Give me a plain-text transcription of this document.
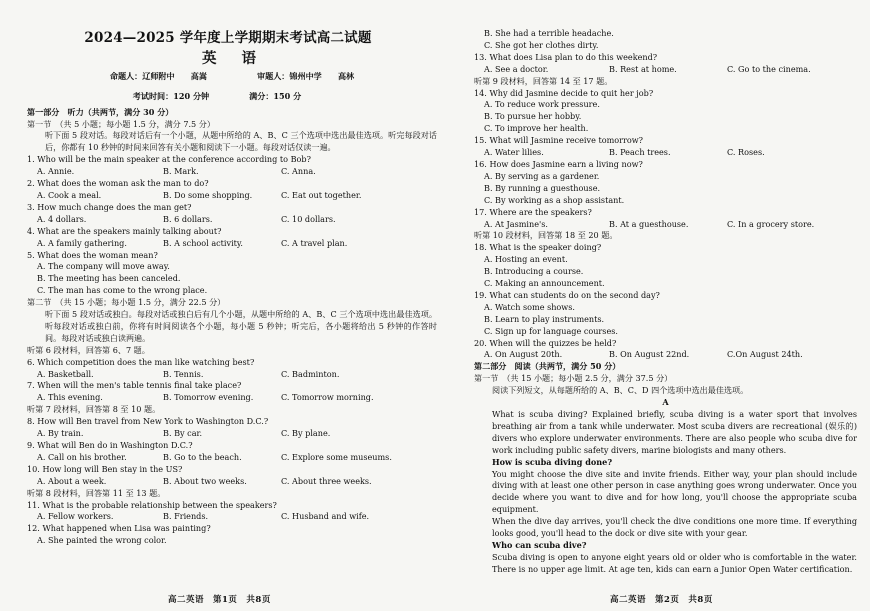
2024—2025 学年度上学期期末考试高二试题
英 语
命题人：辽师附中　　高嵩	审题人：锦州中学　　高林
考试时间：120 分钟	满分：150 分
第一部分　听力（共两节，满分 30 分）
第一节　（共 5 小题；每小题 1.5 分，满分 7.5 分）
听下面 5 段对话。每段对话后有一个小题，从题中所给的 A、B、C 三个选项中选出最佳选项。听完每段对话后，你都有 10 秒钟的时间来回答有关小题和阅读下一小题。每段对话仅读一遍。
1. Who will be the main speaker at the conference according to Bob?
A. Annie.	B. Mark.	C. Anna.
2. What does the woman ask the man to do?
A. Cook a meal.	B. Do some shopping.	C. Eat out together.
3. How much change does the man get?
A. 4 dollars.	B. 6 dollars.	C. 10 dollars.
4. What are the speakers mainly talking about?
A. A family gathering.	B. A school activity.	C. A travel plan.
5. What does the woman mean?
A. The company will move away.
B. The meeting has been canceled.
C. The man has come to the wrong place.
第二节　（共 15 小题；每小题 1.5 分，满分 22.5 分）
听下面 5 段对话或独白。每段对话或独白后有几个小题，从题中所给的 A、B、C 三个选项中选出最佳选项。听每段对话或独白前，你将有时间阅读各个小题，每小题 5 秒钟；听完后，各小题将给出 5 秒钟的作答时间。每段对话或独白读两遍。
听第 6 段材料，回答第 6、7 题。
6. Which competition does the man like watching best?
A. Basketball.	B. Tennis.	C. Badminton.
7. When will the men's table tennis final take place?
A. This evening.	B. Tomorrow evening.	C. Tomorrow morning.
听第 7 段材料，回答第 8 至 10 题。
8. How will Ben travel from New York to Washington D.C.?
A. By train.	B. By car.	C. By plane.
9. What will Ben do in Washington D.C.?
A. Call on his brother.	B. Go to the beach.	C. Explore some museums.
10. How long will Ben stay in the US?
A. About a week.	B. About two weeks.	C. About three weeks.
听第 8 段材料，回答第 11 至 13 题。
11. What is the probable relationship between the speakers?
A. Fellow workers.	B. Friends.	C. Husband and wife.
12. What happened when Lisa was painting?
A. She painted the wrong color.
高二英语　第1页　共8页
B. She had a terrible headache.
C. She got her clothes dirty.
13. What does Lisa plan to do this weekend?
A. See a doctor.	B. Rest at home.	C. Go to the cinema.
听第 9 段材料，回答第 14 至 17 题。
14. Why did Jasmine decide to quit her job?
A. To reduce work pressure.
B. To pursue her hobby.
C. To improve her health.
15. What will Jasmine receive tomorrow?
A. Water lilies.	B. Peach trees.	C. Roses.
16. How does Jasmine earn a living now?
A. By serving as a gardener.
B. By running a guesthouse.
C. By working as a shop assistant.
17. Where are the speakers?
A. At Jasmine's.	B. At a guesthouse.	C. In a grocery store.
听第 10 段材料，回答第 18 至 20 题。
18. What is the speaker doing?
A. Hosting an event.
B. Introducing a course.
C. Making an announcement.
19. What can students do on the second day?
A. Watch some shows.
B. Learn to play instruments.
C. Sign up for language courses.
20. When will the quizzes be held?
A. On August 20th.	B. On August 22nd.	C.On August 24th.
第二部分　阅读（共两节，满分 50 分）
第一节　（共 15 小题；每小题 2.5 分，满分 37.5 分）
阅读下列短文，从每题所给的 A、B、C、D 四个选项中选出最佳选项。
A
What is scuba diving? Explained briefly, scuba diving is a water sport that involves breathing air from a tank while underwater. Most scuba divers are recreational (娱乐的) divers who explore underwater environments. There are also people who scuba dive for work including public safety divers, marine biologists and many others.
How is scuba diving done?
You might choose the dive site and invite friends. Either way, your plan should include diving with at least one other person in case anything goes wrong underwater. Once you decide where you want to dive and for how long, you'll choose the appropriate scuba equipment.
When the dive day arrives, you'll check the dive conditions one more time. If everything looks good, you'll head to the dock or dive site with your gear.
Who can scuba dive?
Scuba diving is open to anyone eight years old or older who is comfortable in the water. There is no upper age limit. At age ten, kids can earn a Junior Open Water certification.
高二英语　第2页　共8页
